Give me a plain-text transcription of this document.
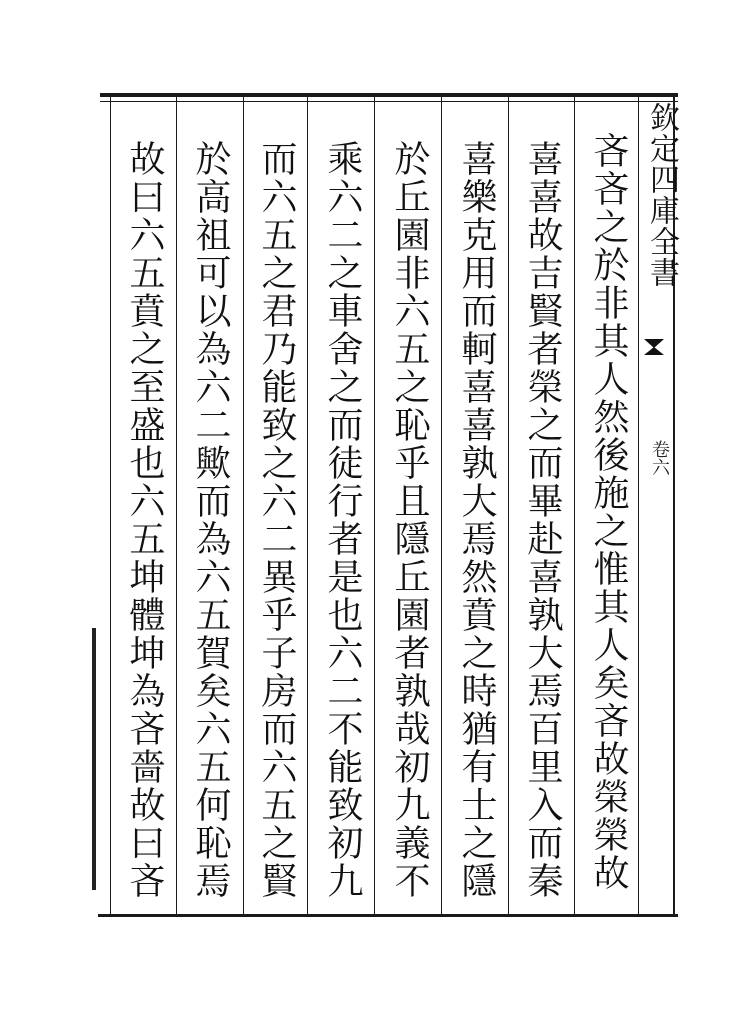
欽定四庫全書
卷六
吝吝之於非其人然後施之惟其人矣吝故榮榮故
喜喜故吉賢者榮之而畢赴喜孰大焉百里入而秦
喜樂克用而軻喜喜孰大焉然賁之時猶有士之隱
於丘園非六五之恥乎且隱丘園者孰哉初九義不
乘六二之車舍之而徒行者是也六二不能致初九
而六五之君乃能致之六二異乎子房而六五之賢
於高祖可以為六二歟而為六五賀矣六五何恥焉
故曰六五賁之至盛也六五坤體坤為吝嗇故曰吝
